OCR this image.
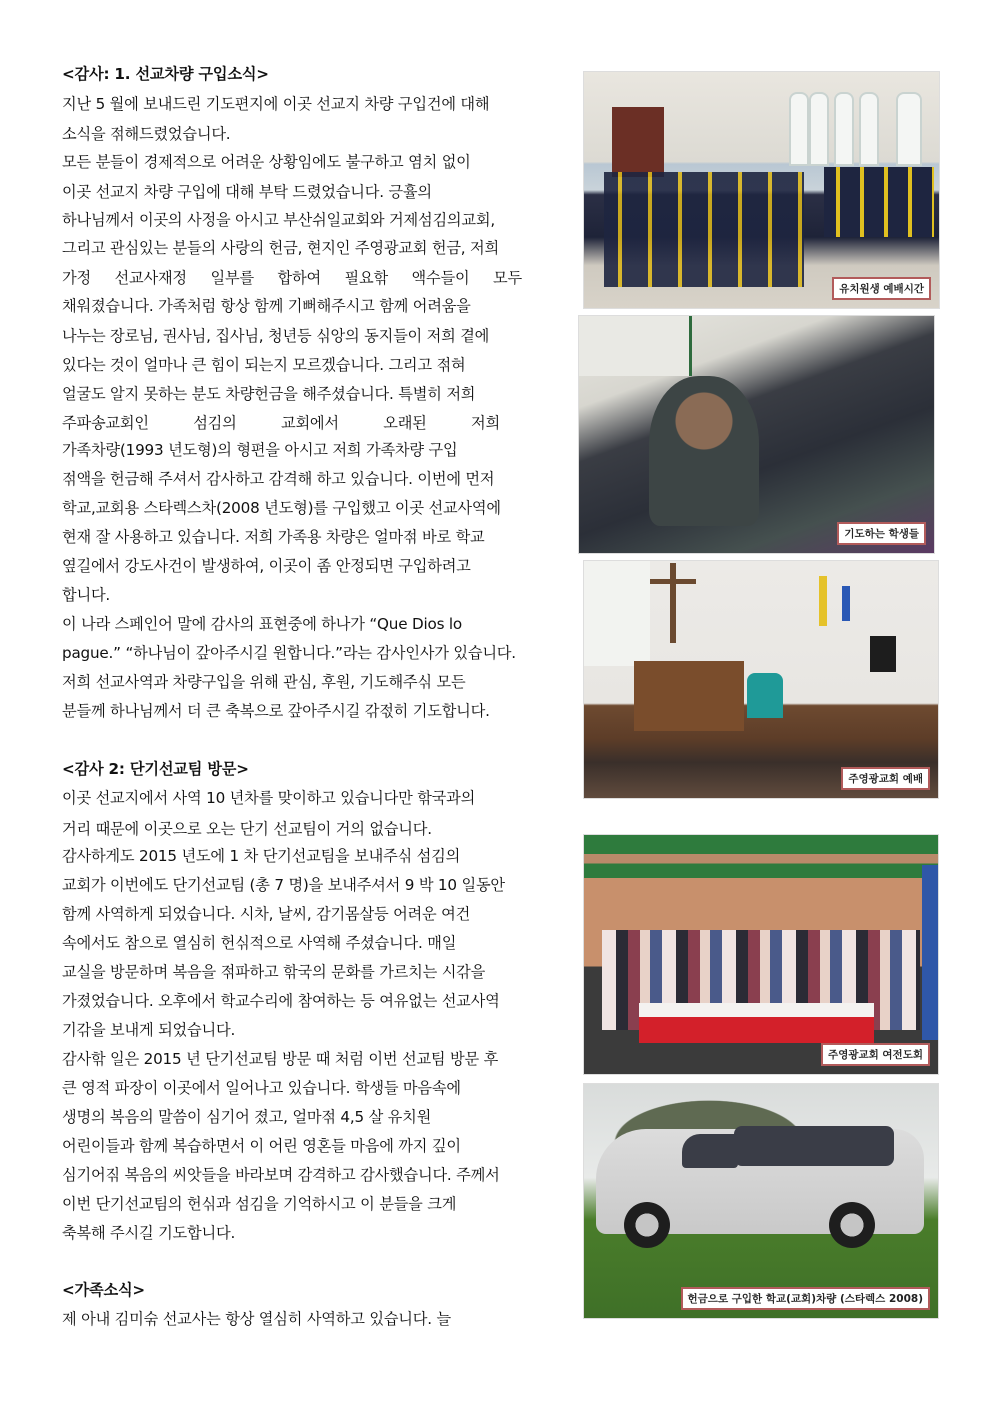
<감사: 1. 선교차량 구입소식>
지난 5 월에 보내드린 기도편지에 이곳 선교지 차량 구입건에 대해
소식을 젂해드렸었습니다.
모든 분들이 경제적으로 어려운 상황임에도 불구하고 염치 없이
이곳 선교지 차량 구입에 대해 부탁 드렸었습니다. 긍휼의
하나님께서 이곳의 사정을 아시고 부산쉬일교회와 거제섬김의교회,
그리고 관심있는 분들의 사랑의 헌금, 현지인 주영광교회 헌금, 저희
가정 선교사재정 일부를 합하여 필요핚 액수들이 모두
채워졌습니다. 가족처럼 항상 함께 기뻐해주시고 함께 어려움을
나누는 장로님, 권사님, 집사님, 청년등 싞앙의 동지들이 저희 곁에
있다는 것이 얼마나 큰 힘이 되는지 모르겠습니다. 그리고 젂혀
얼굴도 알지 못하는 분도 차량헌금을 해주셨습니다. 특별히 저희
주파송교회인	섬김의	교회에서	오래된	저희
가족차량(1993 년도형)의 형편을 아시고 저희 가족차량 구입
젂액을 헌금해 주셔서 감사하고 감격해 하고 있습니다. 이번에 먼저
학교,교회용 스타렉스차(2008 년도형)를 구입했고 이곳 선교사역에
현재 잘 사용하고 있습니다. 저희 가족용 차량은 얼마젂 바로 학교
옆길에서 강도사건이 발생하여, 이곳이 좀 안정되면 구입하려고
합니다.
이 나라 스페인어 말에 감사의 표현중에 하나가 “Que Dios lo
pague.” “하나님이 갚아주시길 원합니다.”라는 감사인사가 있습니다.
저희 선교사역과 차량구입을 위해 관심, 후원, 기도해주싞 모든
분들께 하나님께서 더 큰 축복으로 갚아주시길 갂젃히 기도합니다.
<감사 2: 단기선교팀 방문>
이곳 선교지에서 사역 10 년차를 맞이하고 있습니다만 핚국과의
거리 때문에 이곳으로 오는 단기 선교팀이 거의 없습니다.
감사하게도 2015 년도에 1 차 단기선교팀을 보내주싞 섬김의
교회가 이번에도 단기선교팀 (총 7 명)을 보내주셔서 9 박 10 일동안
함께 사역하게 되었습니다. 시차, 날씨, 감기몸살등 어려운 여건
속에서도 참으로 열심히 헌싞적으로 사역해 주셨습니다. 매일
교실을 방문하며 복음을 젂파하고 핚국의 문화를 가르치는 시갂을
가졌었습니다. 오후에서 학교수리에 참여하는 등 여유없는 선교사역
기갂을 보내게 되었습니다.
감사핚 일은 2015 년 단기선교팀 방문 때 처럼 이번 선교팀 방문 후
큰 영적 파장이 이곳에서 일어나고 있습니다. 학생들 마음속에
생명의 복음의 말씀이 심기어 졌고, 얼마젂 4,5 살 유치원
어린이들과 함께 복습하면서 이 어린 영혼들 마음에 까지 깊이
심기어짂 복음의 씨앗들을 바라보며 감격하고 감사했습니다. 주께서
이번 단기선교팀의 헌싞과 섬김을 기억하시고 이 분들을 크게
축복해 주시길 기도합니다.
<가족소식>
제 아내 김미숚 선교사는 항상 열심히 사역하고 있습니다. 늘
유치원생 예배시간
기도하는 학생들
주영광교회 예배
주영광교회 여전도회
헌금으로 구입한 학교(교회)차량 (스타렉스 2008)
